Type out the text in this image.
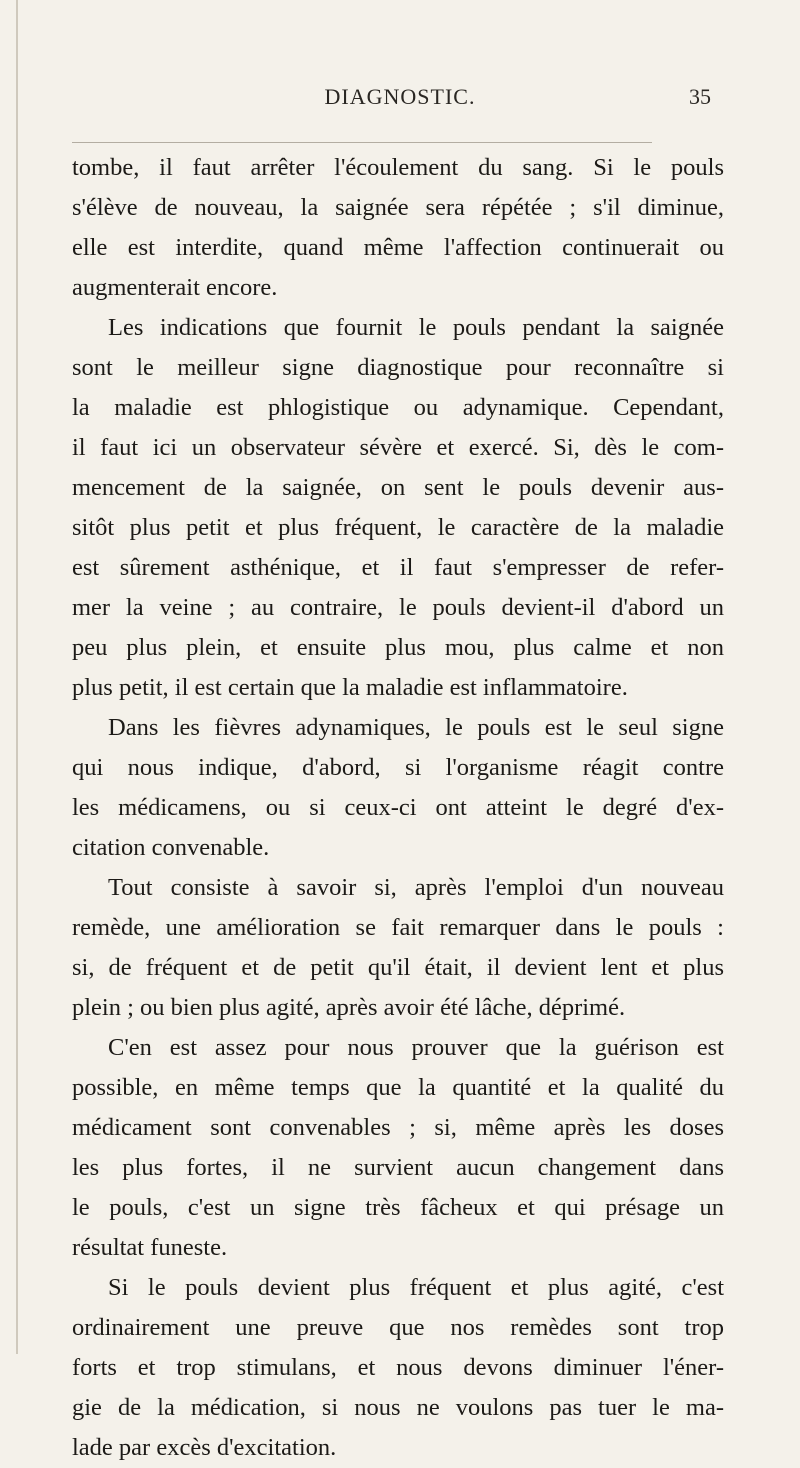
DIAGNOSTIC.	35

tombe, il faut arrêter l'écoulement du sang. Si le pouls

s'élève de nouveau, la saignée sera répétée ; s'il diminue,

elle est interdite, quand même l'affection continuerait ou

augmenterait encore.

Les indications que fournit le pouls pendant la saignée

sont le meilleur signe diagnostique pour reconnaître si

la maladie est phlogistique ou adynamique. Cependant,

il faut ici un observateur sévère et exercé. Si, dès le com-

mencement de la saignée, on sent le pouls devenir aus-

sitôt plus petit et plus fréquent, le caractère de la maladie

est sûrement asthénique, et il faut s'empresser de refer-

mer la veine ; au contraire, le pouls devient-il d'abord un

peu plus plein, et ensuite plus mou, plus calme et non

plus petit, il est certain que la maladie est inflammatoire.

Dans les fièvres adynamiques, le pouls est le seul signe

qui nous indique, d'abord, si l'organisme réagit contre

les médicamens, ou si ceux-ci ont atteint le degré d'ex-

citation convenable.

Tout consiste à savoir si, après l'emploi d'un nouveau

remède, une amélioration se fait remarquer dans le pouls :

si, de fréquent et de petit qu'il était, il devient lent et plus

plein ; ou bien plus agité, après avoir été lâche, déprimé.

C'en est assez pour nous prouver que la guérison est

possible, en même temps que la quantité et la qualité du

médicament sont convenables ; si, même après les doses

les plus fortes, il ne survient aucun changement dans

le pouls, c'est un signe très fâcheux et qui présage un

résultat funeste.

Si le pouls devient plus fréquent et plus agité, c'est

ordinairement une preuve que nos remèdes sont trop

forts et trop stimulans, et nous devons diminuer l'éner-

gie de la médication, si nous ne voulons pas tuer le ma-

lade par excès d'excitation.
